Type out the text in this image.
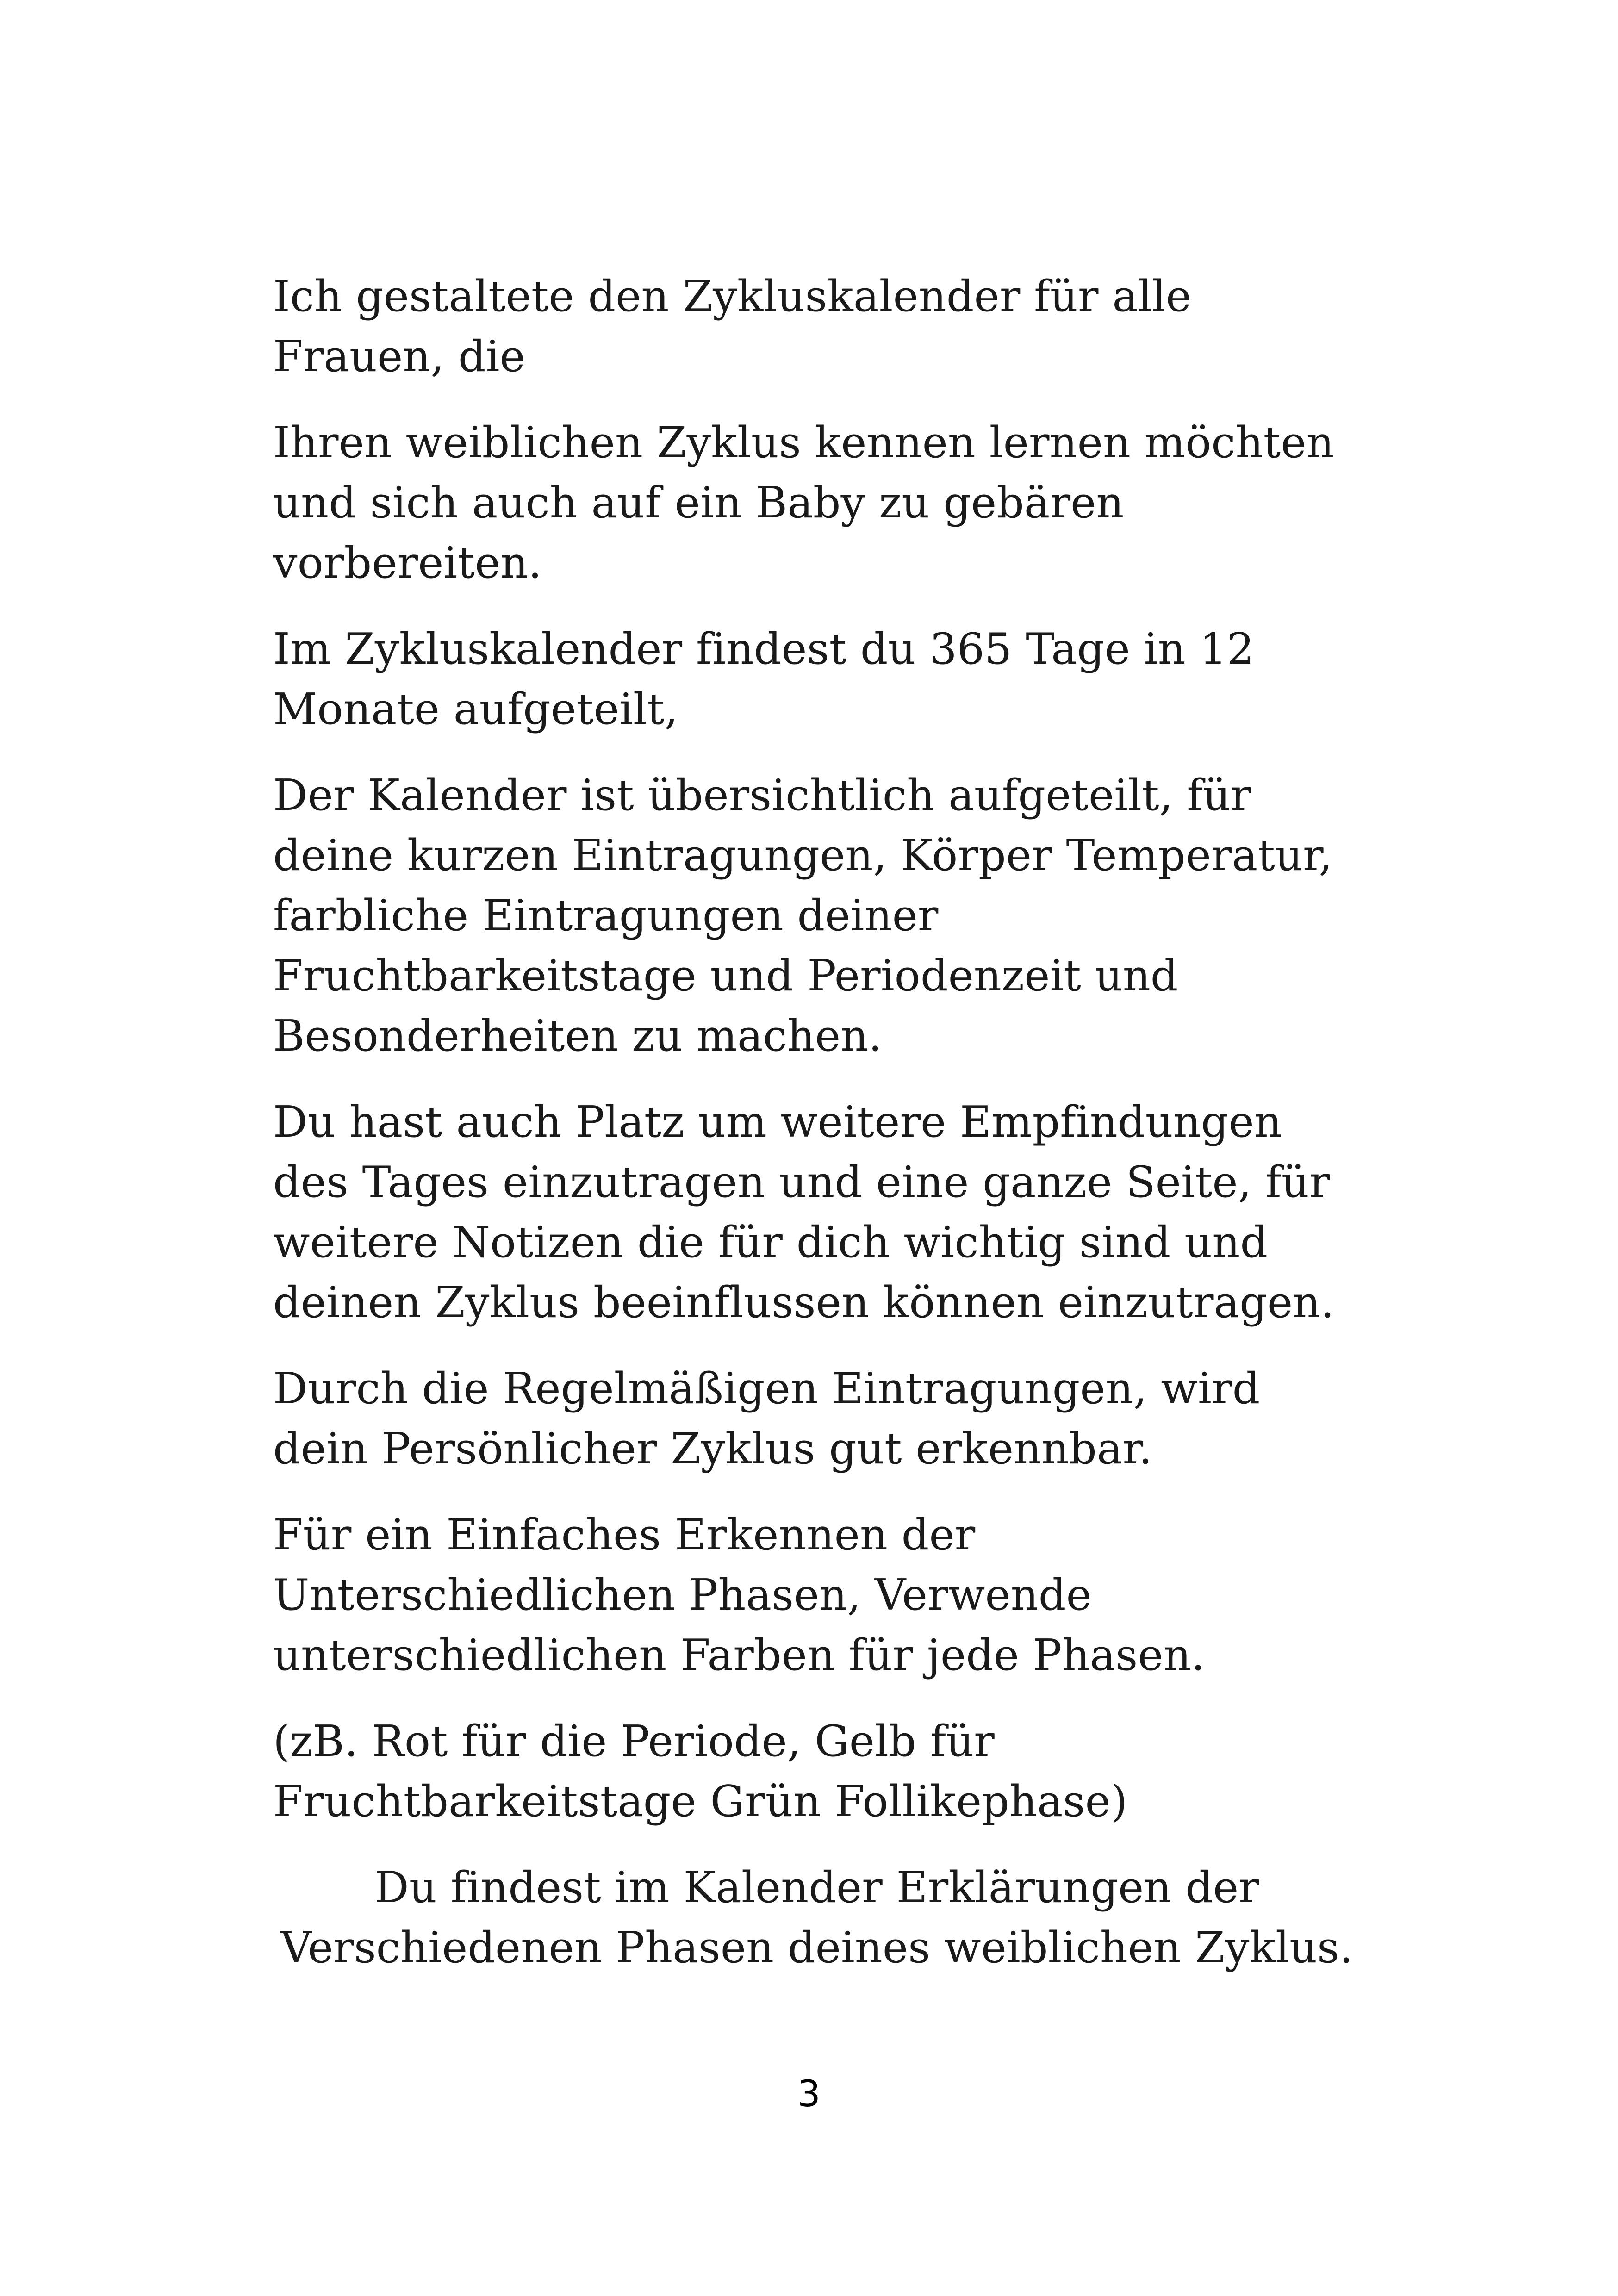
Ich gestaltete den Zykluskalender für alle Frauen, die

Ihren weiblichen Zyklus kennen lernen möchten und sich auch auf ein Baby zu gebären vorbereiten.

Im Zykluskalender findest du 365 Tage in 12 Monate aufgeteilt,

Der Kalender ist übersichtlich aufgeteilt, für deine kurzen Eintragungen, Körper Temperatur, farbliche Eintragungen deiner Fruchtbarkeitstage und Periodenzeit und Besonderheiten zu machen.

Du hast auch Platz um weitere Empfindungen des Tages einzutragen und eine ganze Seite, für weitere Notizen die für dich wichtig sind und deinen Zyklus beeinflussen können einzutragen.

Durch die Regelmäßigen Eintragungen, wird dein Persönlicher Zyklus gut erkennbar.

Für ein Einfaches Erkennen der Unterschiedlichen Phasen, Verwende unterschiedlichen Farben für jede Phasen.

(zB. Rot für die Periode, Gelb für Fruchtbarkeitstage Grün Follikephase)

Du findest im Kalender Erklärungen der Verschiedenen Phasen deines weiblichen Zyklus.

3
